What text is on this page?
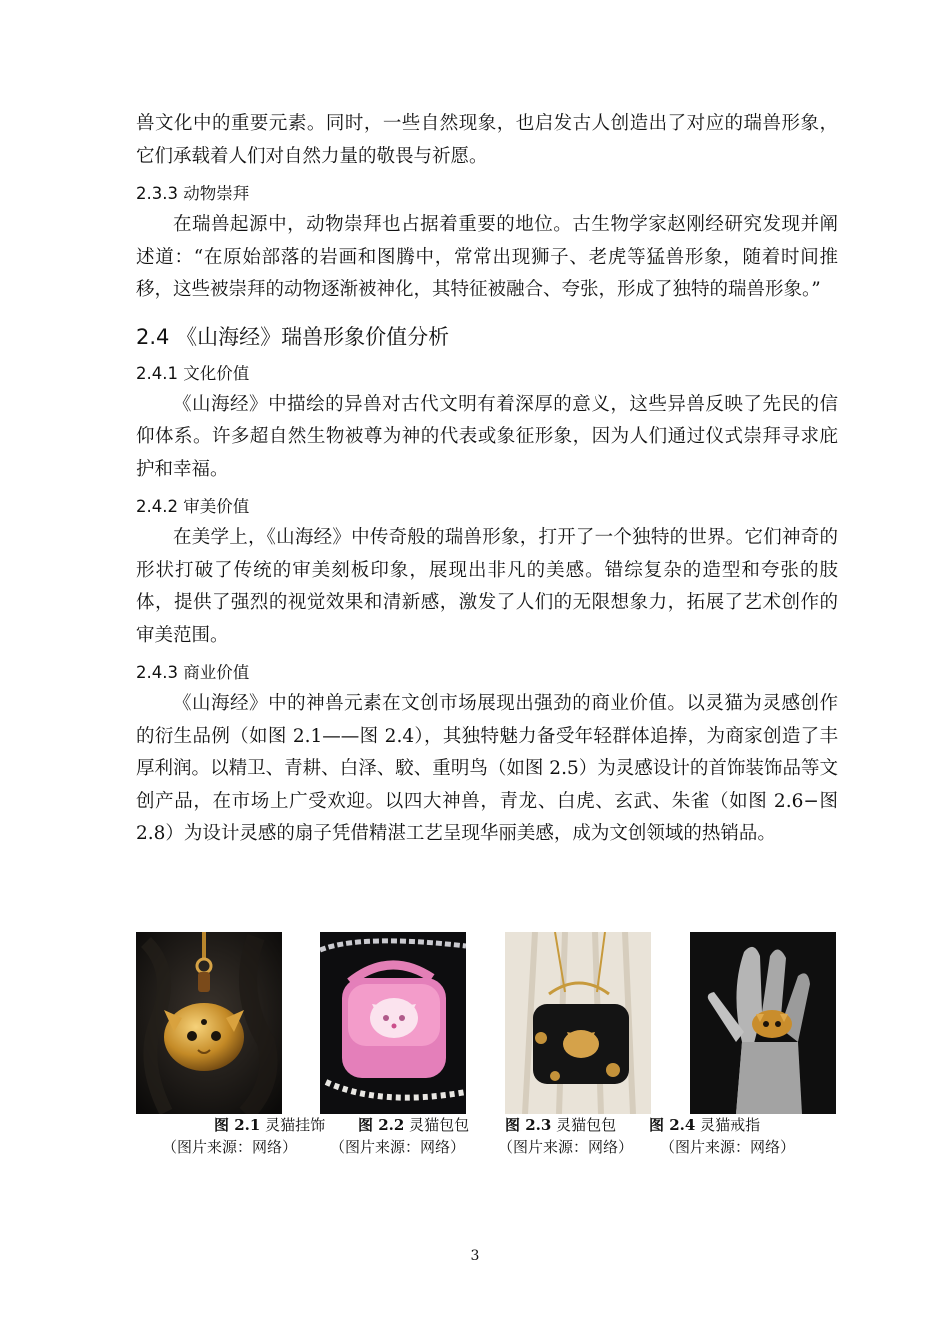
兽文化中的重要元素。同时，一些自然现象，也启发古人创造出了对应的瑞兽形象，它们承载着人们对自然力量的敬畏与祈愿。

2.3.3 动物崇拜

在瑞兽起源中，动物崇拜也占据着重要的地位。古生物学家赵刚经研究发现并阐述道：“在原始部落的岩画和图腾中，常常出现狮子、老虎等猛兽形象，随着时间推移，这些被崇拜的动物逐渐被神化，其特征被融合、夸张，形成了独特的瑞兽形象。”

2.4 《山海经》瑞兽形象价值分析
2.4.1 文化价值

《山海经》中描绘的异兽对古代文明有着深厚的意义，这些异兽反映了先民的信仰体系。许多超自然生物被尊为神的代表或象征形象，因为人们通过仪式崇拜寻求庇护和幸福。

2.4.2 审美价值

在美学上，《山海经》中传奇般的瑞兽形象，打开了一个独特的世界。它们神奇的形状打破了传统的审美刻板印象，展现出非凡的美感。错综复杂的造型和夸张的肢体，提供了强烈的视觉效果和清新感，激发了人们的无限想象力，拓展了艺术创作的审美范围。

2.4.3 商业价值

《山海经》中的神兽元素在文创市场展现出强劲的商业价值。以灵猫为灵感创作的衍生品例（如图 2.1——图 2.4），其独特魅力备受年轻群体追捧，为商家创造了丰厚利润。以精卫、青耕、白泽、駮、重明鸟（如图 2.5）为灵感设计的首饰装饰品等文创产品，在市场上广受欢迎。以四大神兽，青龙、白虎、玄武、朱雀（如图 2.6−图 2.8）为设计灵感的扇子凭借精湛工艺呈现华丽美感，成为文创领域的热销品。

图 2.1 灵猫挂饰 图 2.2 灵猫包包 图 2.3 灵猫包包 图 2.4 灵猫戒指
（图片来源：网络） （图片来源：网络） （图片来源：网络） （图片来源：网络）
3
